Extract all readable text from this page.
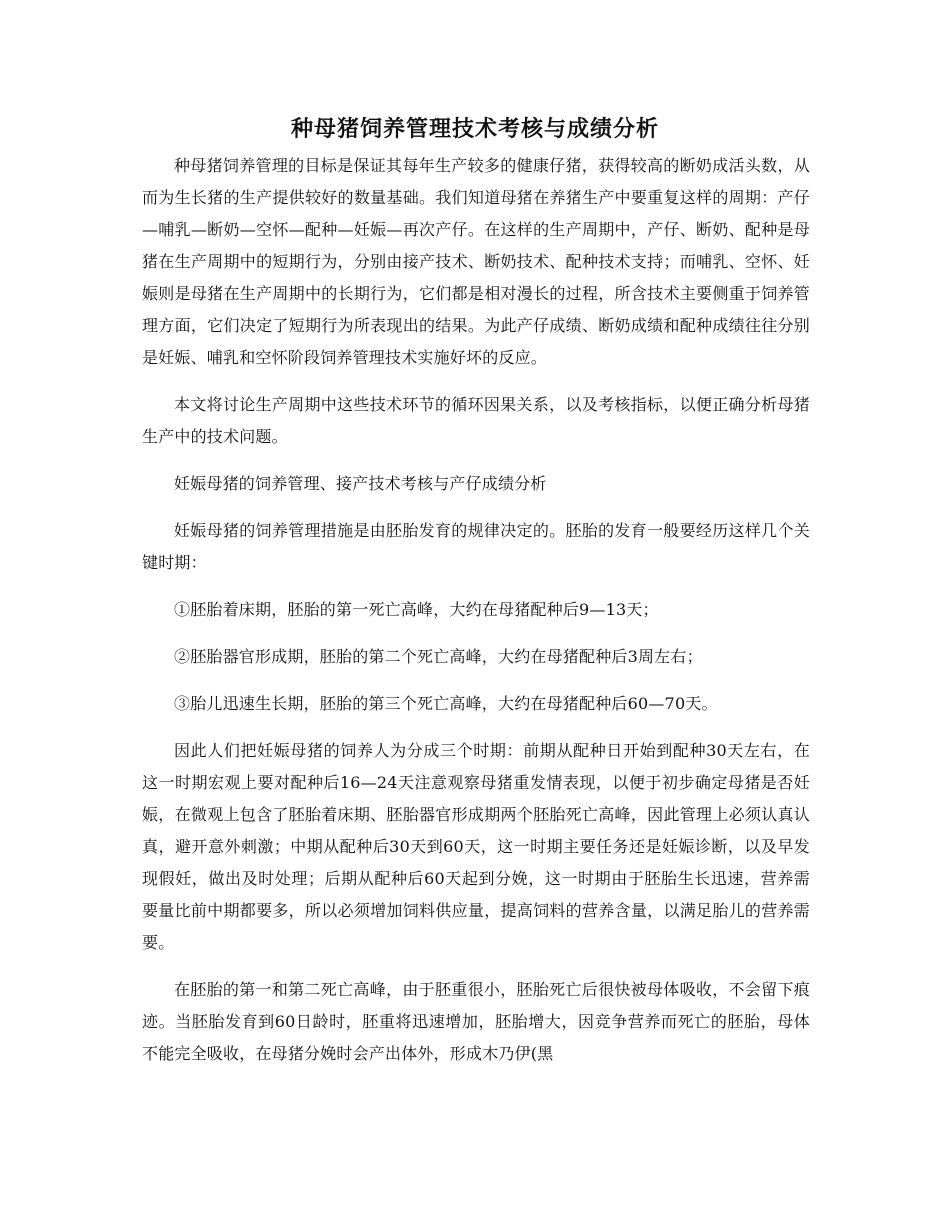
种母猪饲养管理技术考核与成绩分析

种母猪饲养管理的目标是保证其每年生产较多的健康仔猪，获得较高的断奶成活头数，从而为生长猪的生产提供较好的数量基础。我们知道母猪在养猪生产中要重复这样的周期：产仔—哺乳—断奶—空怀—配种—妊娠—再次产仔。在这样的生产周期中，产仔、断奶、配种是母猪在生产周期中的短期行为，分别由接产技术、断奶技术、配种技术支持；而哺乳、空怀、妊娠则是母猪在生产周期中的长期行为，它们都是相对漫长的过程，所含技术主要侧重于饲养管理方面，它们决定了短期行为所表现出的结果。为此产仔成绩、断奶成绩和配种成绩往往分别是妊娠、哺乳和空怀阶段饲养管理技术实施好坏的反应。

本文将讨论生产周期中这些技术环节的循环因果关系，以及考核指标，以便正确分析母猪生产中的技术问题。

妊娠母猪的饲养管理、接产技术考核与产仔成绩分析

妊娠母猪的饲养管理措施是由胚胎发育的规律决定的。胚胎的发育一般要经历这样几个关键时期：

①胚胎着床期，胚胎的第一死亡高峰，大约在母猪配种后9—13天；

②胚胎器官形成期，胚胎的第二个死亡高峰，大约在母猪配种后3周左右；

③胎儿迅速生长期，胚胎的第三个死亡高峰，大约在母猪配种后60—70天。

因此人们把妊娠母猪的饲养人为分成三个时期：前期从配种日开始到配种30天左右，在这一时期宏观上要对配种后16—24天注意观察母猪重发情表现，以便于初步确定母猪是否妊娠，在微观上包含了胚胎着床期、胚胎器官形成期两个胚胎死亡高峰，因此管理上必须认真认真，避开意外刺激；中期从配种后30天到60天，这一时期主要任务还是妊娠诊断，以及早发现假妊，做出及时处理；后期从配种后60天起到分娩，这一时期由于胚胎生长迅速，营养需要量比前中期都要多，所以必须增加饲料供应量，提高饲料的营养含量，以满足胎儿的营养需要。

在胚胎的第一和第二死亡高峰，由于胚重很小，胚胎死亡后很快被母体吸收，不会留下痕迹。当胚胎发育到60日龄时，胚重将迅速增加，胚胎增大，因竞争营养而死亡的胚胎，母体不能完全吸收，在母猪分娩时会产出体外，形成木乃伊(黑
